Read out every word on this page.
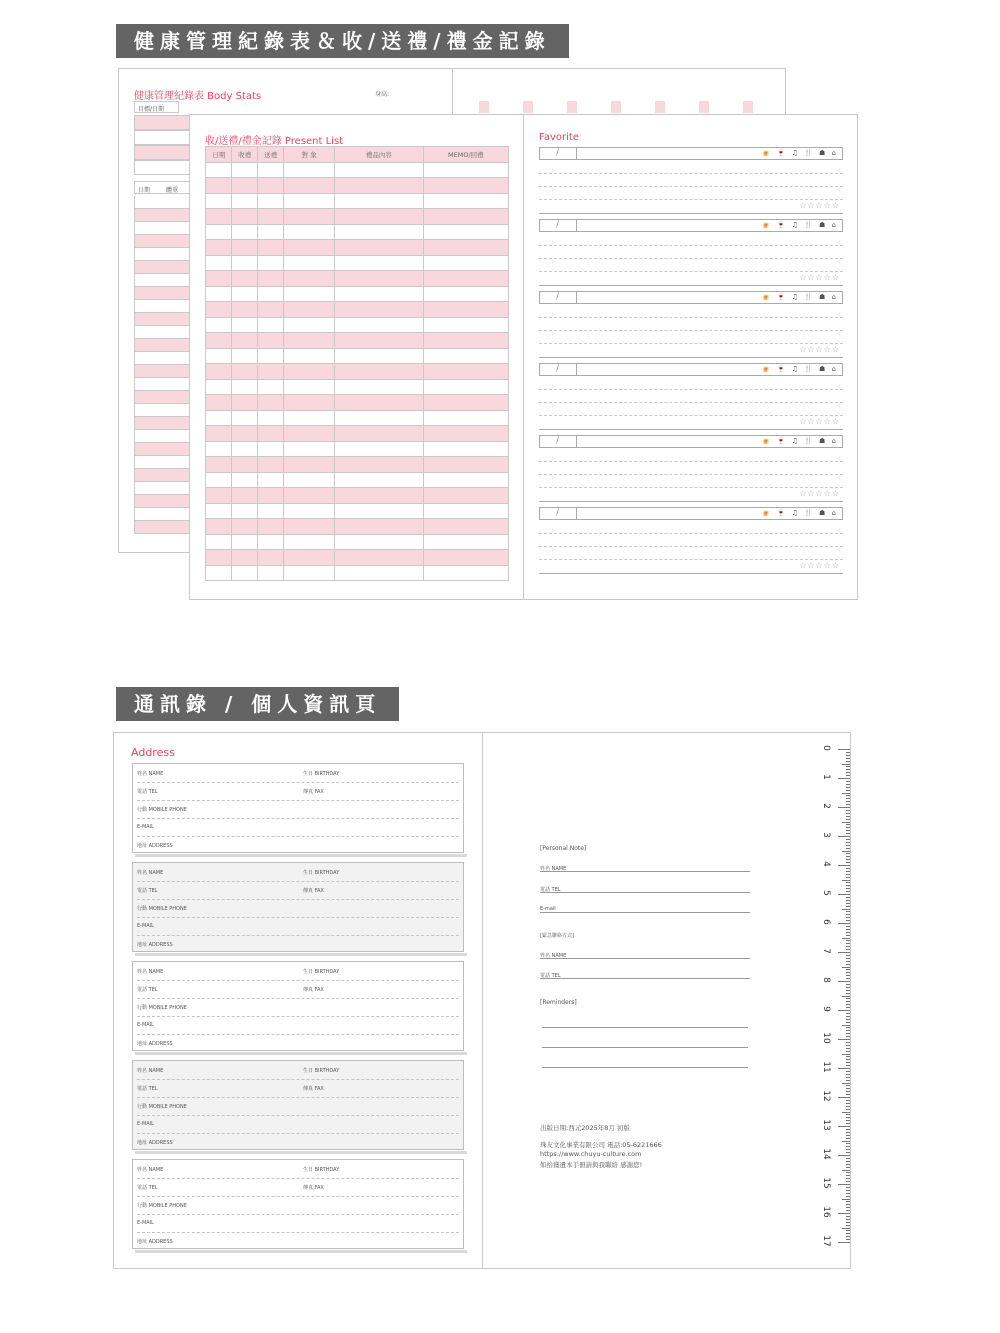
健康管理紀錄表＆收/送禮/禮金記錄
健康管理紀錄表 Body Stats	身高:
目標/日期
日期	體重
收/送禮/禮金記錄 Present List
日期	收禮	送禮	對 象	禮品內容	MEMO/回禮

Favorite
/	🍺 🍷 ♫ 🍴 ☗ ⌂
☆☆☆☆☆
/	🍺 🍷 ♫ 🍴 ☗ ⌂
☆☆☆☆☆
/	🍺 🍷 ♫ 🍴 ☗ ⌂
☆☆☆☆☆
/	🍺 🍷 ♫ 🍴 ☗ ⌂
☆☆☆☆☆
/	🍺 🍷 ♫ 🍴 ☗ ⌂
☆☆☆☆☆
/	🍺 🍷 ♫ 🍴 ☗ ⌂
☆☆☆☆☆
通訊錄 / 個人資訊頁
Address
姓名 NAME	生日 BIRTHDAY
電話 TEL	傳真 FAX
行動 MOBILE PHONE
E-MAIL
地址 ADDRESS
姓名 NAME	生日 BIRTHDAY
電話 TEL	傳真 FAX
行動 MOBILE PHONE
E-MAIL
地址 ADDRESS
姓名 NAME	生日 BIRTHDAY
電話 TEL	傳真 FAX
行動 MOBILE PHONE
E-MAIL
地址 ADDRESS
姓名 NAME	生日 BIRTHDAY
電話 TEL	傳真 FAX
行動 MOBILE PHONE
E-MAIL
地址 ADDRESS
姓名 NAME	生日 BIRTHDAY
電話 TEL	傳真 FAX
行動 MOBILE PHONE
E-MAIL
地址 ADDRESS
[Personal Note]
姓名 NAME
電話 TEL
E-mail
[緊急聯絡方式]
姓名 NAME
電話 TEL
[Reminders]
出版日期:西元2025年8月 初版
珠友文化事業有限公司 電話:05-6221666
https://www.chuyu-culture.com
如拾獲遺本手冊請與我聯絡 感謝您!
0
1
2
3
4
5
6
7
8
9
10
11
12
13
14
15
16
17
